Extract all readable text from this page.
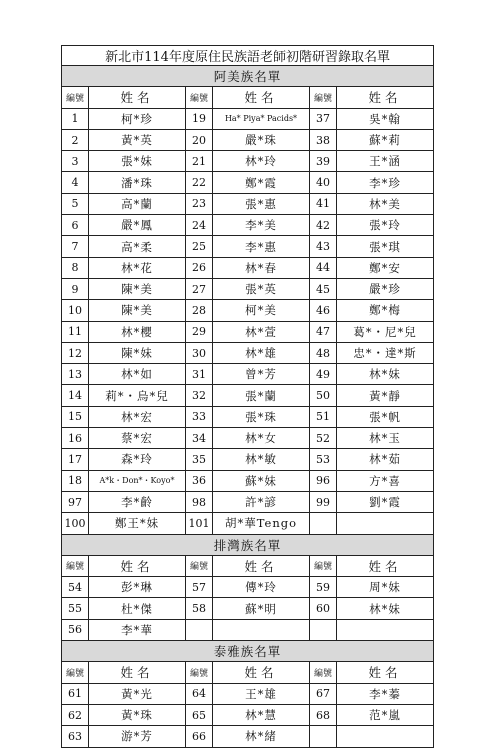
新北市114年度原住民族語老師初階研習錄取名單					
阿美族名單					
編號	姓名	編號	姓名	編號	姓名
1	柯*珍	19	Ha* Piya* Pacids*	37	吳*翰
2	黃*英	20	嚴*珠	38	蘇*莉
3	張*妹	21	林*玲	39	王*涵
4	潘*珠	22	鄭*霞	40	李*珍
5	高*蘭	23	張*惠	41	林*美
6	嚴*鳳	24	李*美	42	張*玲
7	高*柔	25	李*惠	43	張*琪
8	林*花	26	林*春	44	鄭*安
9	陳*美	27	張*英	45	嚴*珍
10	陳*美	28	柯*美	46	鄭*梅
11	林*櫻	29	林*萱	47	葛*・尼*兒
12	陳*妹	30	林*雄	48	忠*・達*斯
13	林*如	31	曾*芳	49	林*妹
14	莉*・烏*兒	32	張*蘭	50	黃*靜
15	林*宏	33	張*珠	51	張*帆
16	蔡*宏	34	林*女	52	林*玉
17	森*玲	35	林*敏	53	林*茹
18	A*k・Don*・Koyo*	36	蘇*妹	96	方*喜
97	李*齡	98	許*諺	99	劉*霞
100	鄭王*妹	101	胡*華Tengo		
排灣族名單					
編號	姓名	編號	姓名	編號	姓名
54	彭*琳	57	傳*玲	59	周*妹
55	杜*傑	58	蘇*明	60	林*妹
56	李*華				
泰雅族名單					
編號	姓名	編號	姓名	編號	姓名
61	黃*光	64	王*雄	67	李*蓁
62	黃*珠	65	林*慧	68	范*嵐
63	游*芳	66	林*緒		
